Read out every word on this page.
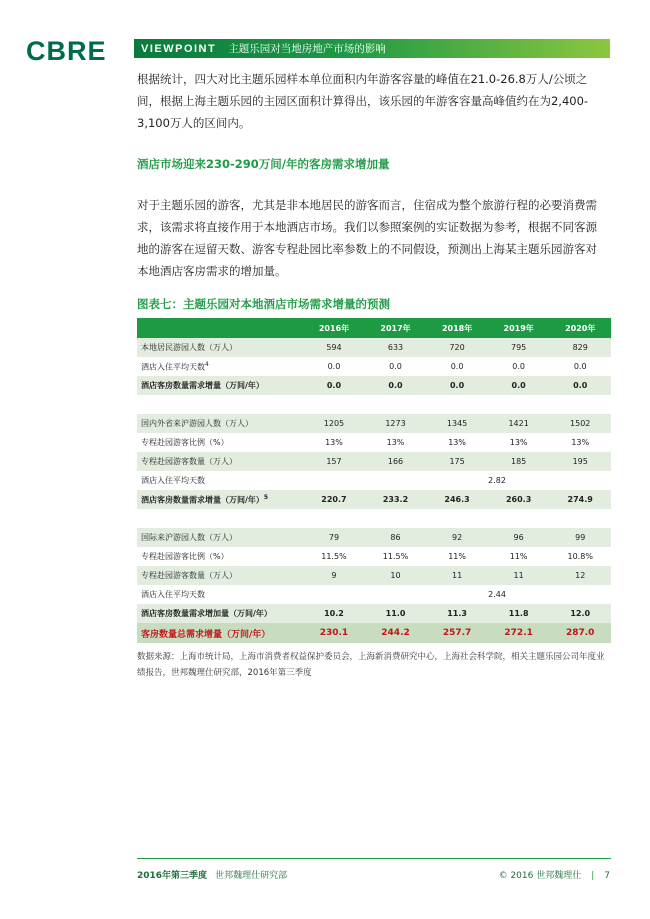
CBRE	VIEWPOINT 主题乐园对当地房地产市场的影响

根据统计，四大对比主题乐园样本单位面积内年游客容量的峰值在21.0-26.8万人/公顷之间，根据上海主题乐园的主园区面积计算得出，该乐园的年游客容量高峰值约在为2,400-3,100万人的区间内。

酒店市场迎来230-290万间/年的客房需求增加量

对于主题乐园的游客，尤其是非本地居民的游客而言，住宿成为整个旅游行程的必要消费需求，该需求将直接作用于本地酒店市场。我们以参照案例的实证数据为参考，根据不同客源地的游客在逗留天数、游客专程赴园比率参数上的不同假设，预测出上海某主题乐园游客对本地酒店客房需求的增加量。

图表七：主题乐园对本地酒店市场需求增量的预测
	2016年	2017年	2018年	2019年	2020年
本地居民游园人数（万人）	594	633	720	795	829
酒店入住平均天数$^4$	0.0	0.0	0.0	0.0	0.0
酒店客房数量需求增量（万间/年）	0.0	0.0	0.0	0.0	0.0

国内外省来沪游园人数（万人）	1205	1273	1345	1421	1502
专程赴园游客比例（%）	13%	13%	13%	13%	13%
专程赴园游客数量（万人）	157	166	175	185	195
酒店入住平均天数	2.82				
酒店客房数量需求增量（万间/年）$^5$	220.7	233.2	246.3	260.3	274.9

国际来沪游园人数（万人）	79	86	92	96	99
专程赴园游客比例（%）	11.5%	11.5%	11%	11%	10.8%
专程赴园游客数量（万人）	9	10	11	11	12
酒店入住平均天数	2.44				
酒店客房数量需求增加量（万间/年）	10.2	11.0	11.3	11.8	12.0
客房数量总需求增量（万间/年）	230.1	244.2	257.7	272.1	287.0
数据来源：上海市统计局，上海市消费者权益保护委员会，上海新消费研究中心，上海社会科学院，相关主题乐园公司年度业绩报告，世邦魏理仕研究部，2016年第三季度
2016年第三季度 世邦魏理仕研究部	© 2016 世邦魏理仕 | 7
